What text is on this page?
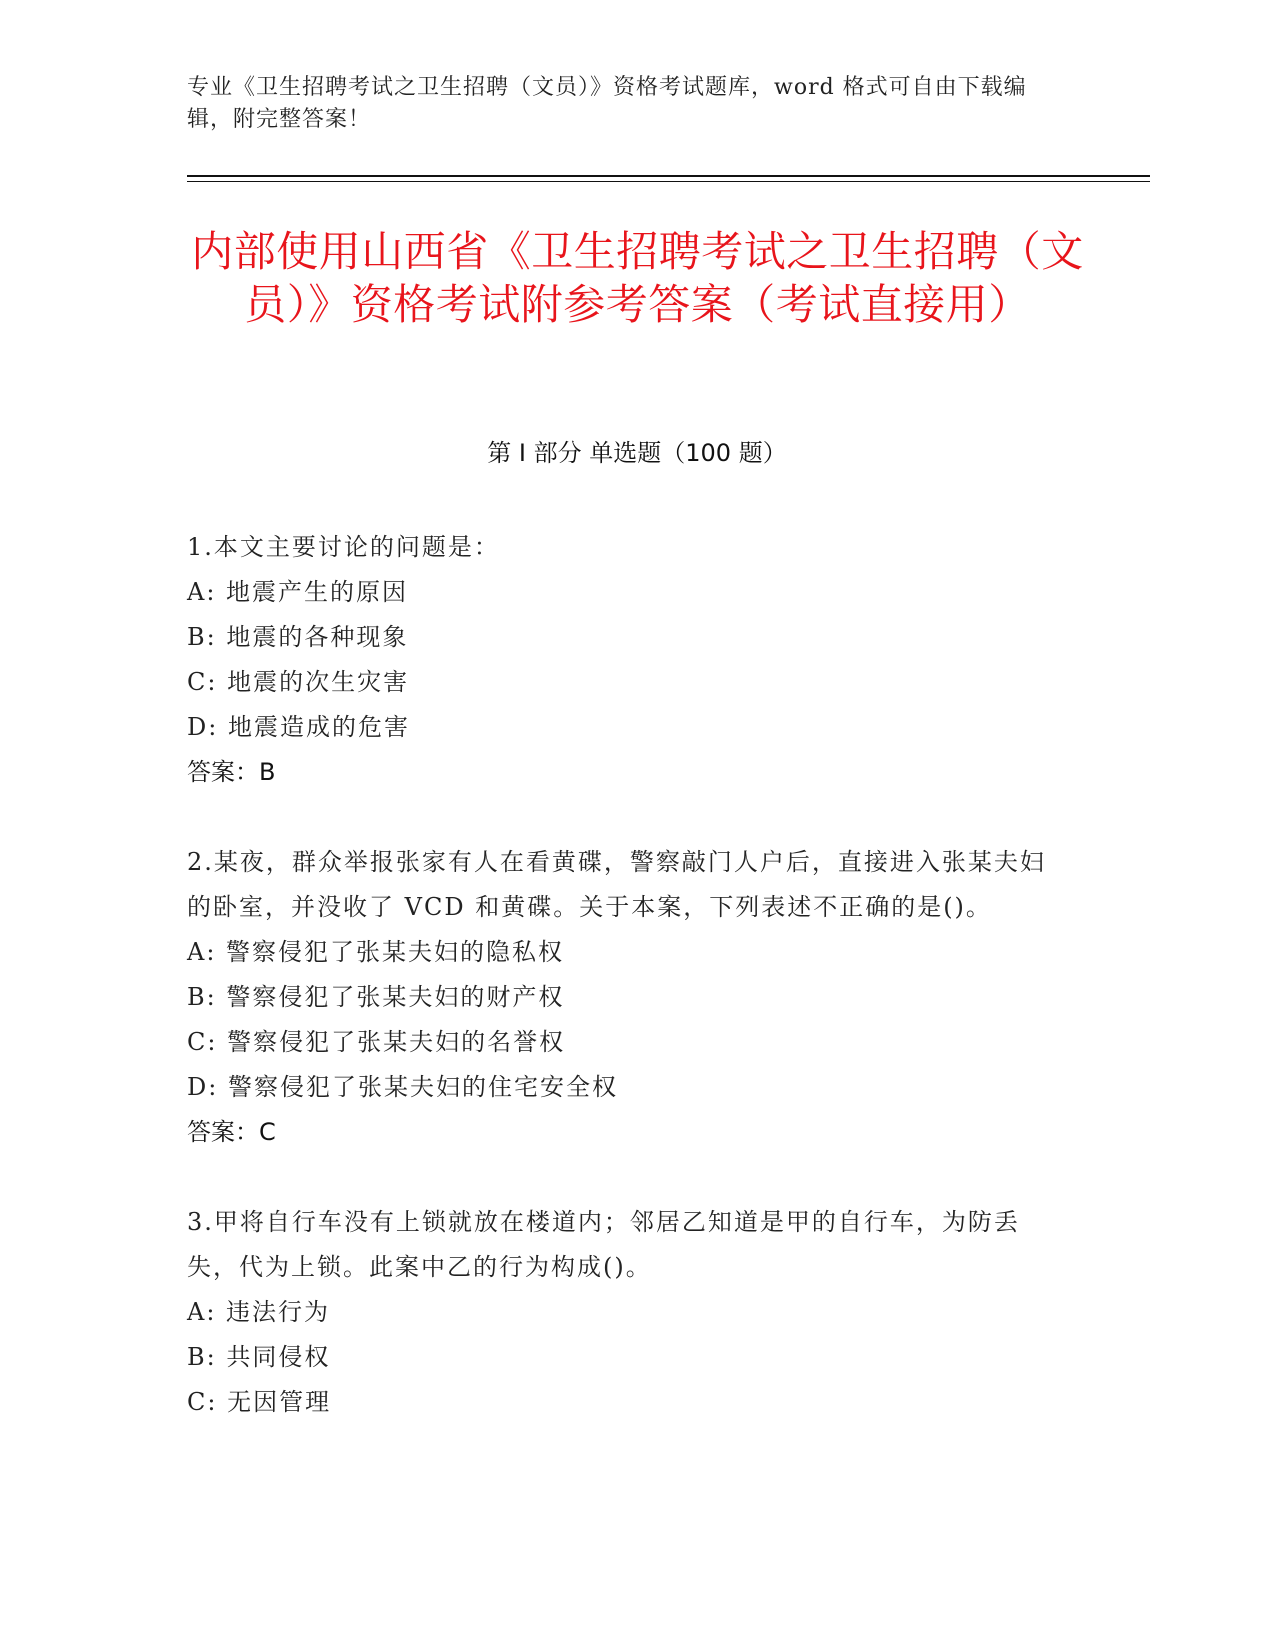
专业《卫生招聘考试之卫生招聘（文员）》资格考试题库，word 格式可自由下载编辑，附完整答案！
内部使用山西省《卫生招聘考试之卫生招聘（文员）》资格考试附参考答案（考试直接用）
第 I 部分 单选题（100 题）
1.本文主要讨论的问题是：
A: 地震产生的原因
B: 地震的各种现象
C: 地震的次生灾害
D: 地震造成的危害
答案：B
2.某夜，群众举报张家有人在看黄碟，警察敲门人户后，直接进入张某夫妇的卧室，并没收了 VCD 和黄碟。关于本案，下列表述不正确的是()。
A: 警察侵犯了张某夫妇的隐私权
B: 警察侵犯了张某夫妇的财产权
C: 警察侵犯了张某夫妇的名誉权
D: 警察侵犯了张某夫妇的住宅安全权
答案：C
3.甲将自行车没有上锁就放在楼道内；邻居乙知道是甲的自行车，为防丢失，代为上锁。此案中乙的行为构成()。
A: 违法行为
B: 共同侵权
C: 无因管理
